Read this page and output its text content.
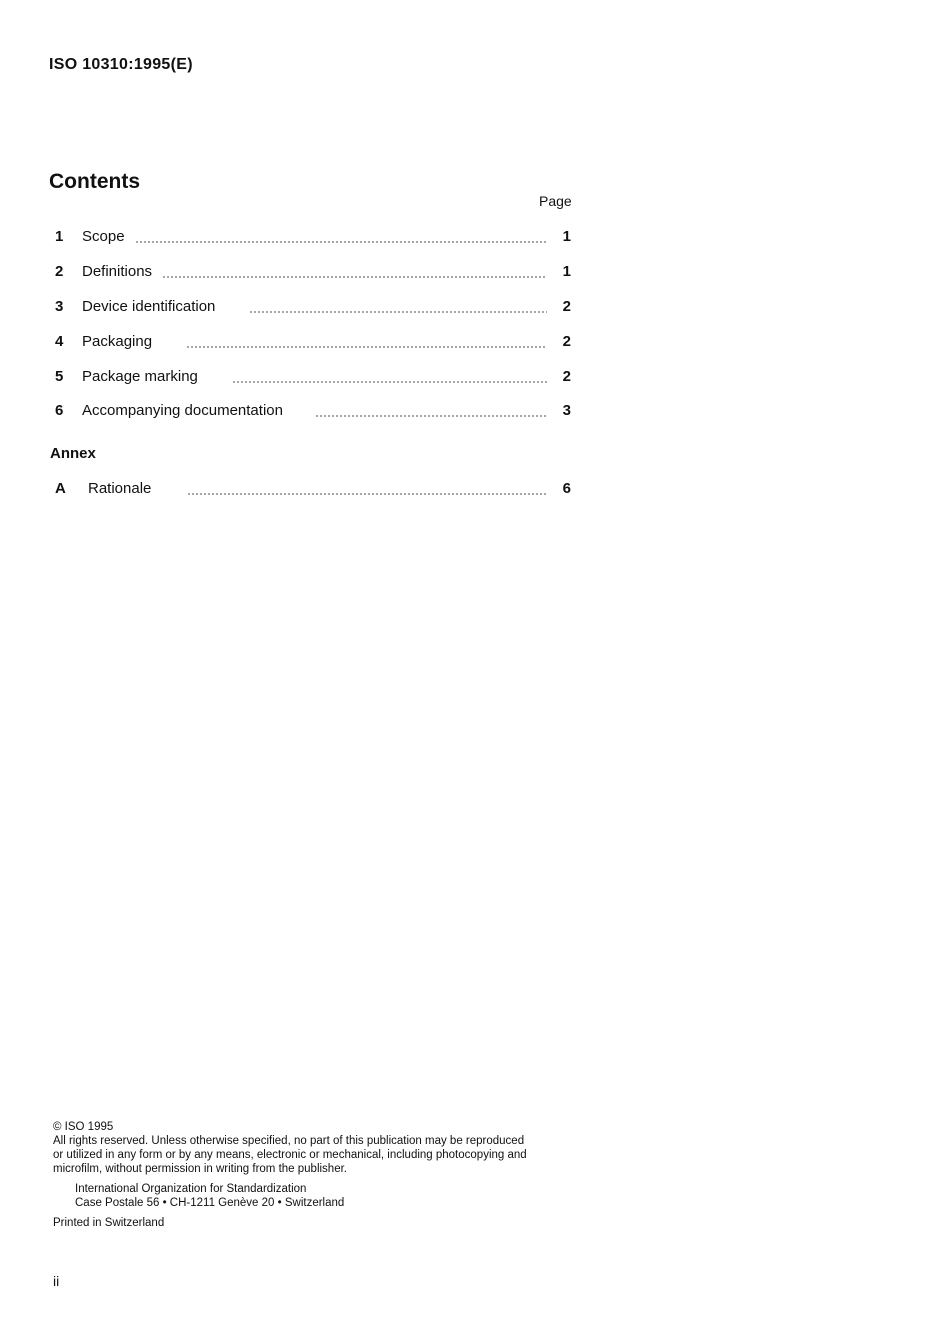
ISO 10310:1995(E)
Contents
Page
1	Scope	1
2	Definitions	1
3	Device identification	2
4	Packaging	2
5	Package marking	2
6	Accompanying documentation	3
Annex
A	Rationale	6
© ISO 1995
All rights reserved. Unless otherwise specified, no part of this publication may be reproduced
or utilized in any form or by any means, electronic or mechanical, including photocopying and
microfilm, without permission in writing from the publisher.
International Organization for Standardization
Case Postale 56 • CH-1211 Genève 20 • Switzerland
Printed in Switzerland
ii
